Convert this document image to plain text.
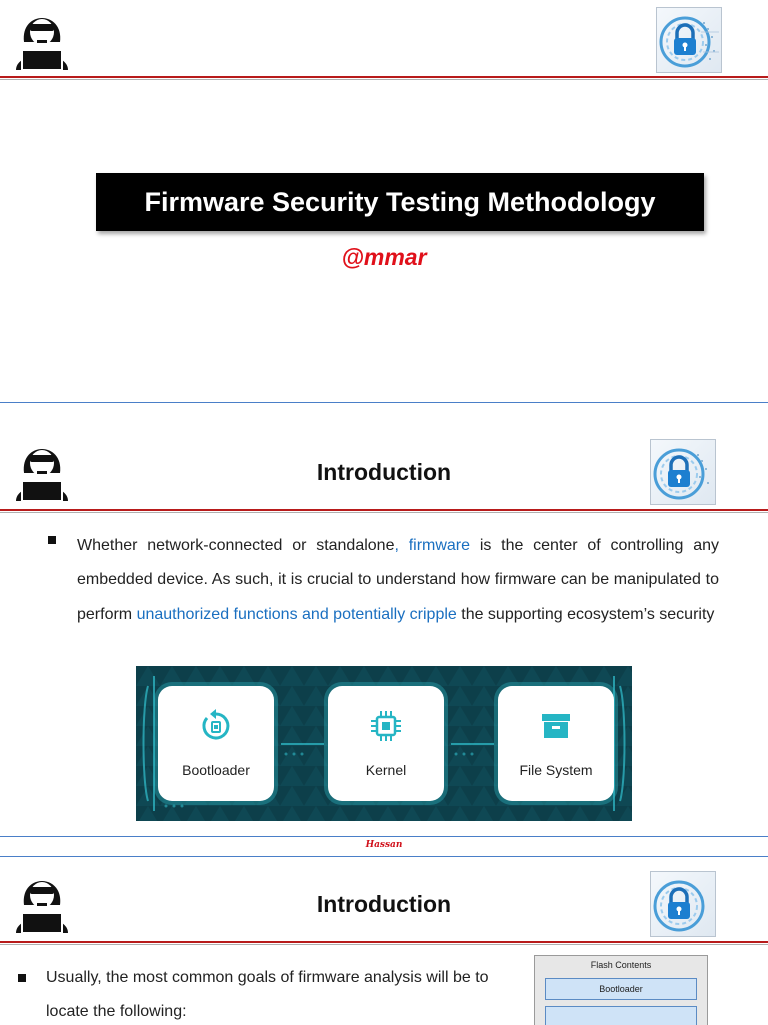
Firmware Security Testing Methodology
@mmar
Introduction
Whether network-connected or standalone, firmware is the center of controlling any embedded device. As such, it is crucial to understand how firmware can be manipulated to perform unauthorized functions and potentially cripple the supporting ecosystem’s security
Bootloader	Kernel	File System
Hassan
Introduction
Usually, the most common goals of firmware analysis will be to locate the following:
Flash Contents
Bootloader
